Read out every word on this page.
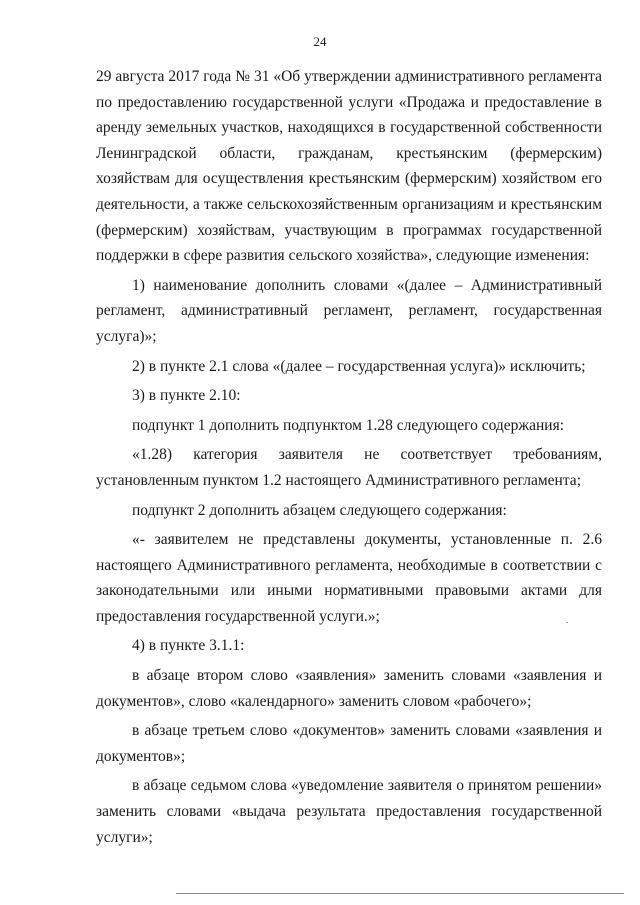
24

29 августа 2017 года № 31 «Об утверждении административного регламента по предоставлению государственной услуги «Продажа и предоставление в аренду земельных участков, находящихся в государственной собственности Ленинградской области, гражданам, крестьянским (фермерским) хозяйствам для осуществления крестьянским (фермерским) хозяйством его деятельности, а также сельскохозяйственным организациям и крестьянским (фермерским) хозяйствам, участвующим в программах государственной поддержки в сфере развития сельского хозяйства», следующие изменения:

1) наименование дополнить словами «(далее – Административный регламент, административный регламент, регламент, государственная услуга)»;

2) в пункте 2.1 слова «(далее – государственная услуга)» исключить;

3) в пункте 2.10:

подпункт 1 дополнить подпунктом 1.28 следующего содержания:

«1.28) категория заявителя не соответствует требованиям, установленным пунктом 1.2 настоящего Административного регламента;

подпункт 2 дополнить абзацем следующего содержания:

«- заявителем не представлены документы, установленные п. 2.6 настоящего Административного регламента, необходимые в соответствии с законодательными или иными нормативными правовыми актами для предоставления государственной услуги.»;

4) в пункте 3.1.1:

в абзаце втором слово «заявления» заменить словами «заявления и документов», слово «календарного» заменить словом «рабочего»;

в абзаце третьем слово «документов» заменить словами «заявления и документов»;

в абзаце седьмом слова «уведомление заявителя о принятом решении» заменить словами «выдача результата предоставления государственной услуги»;
